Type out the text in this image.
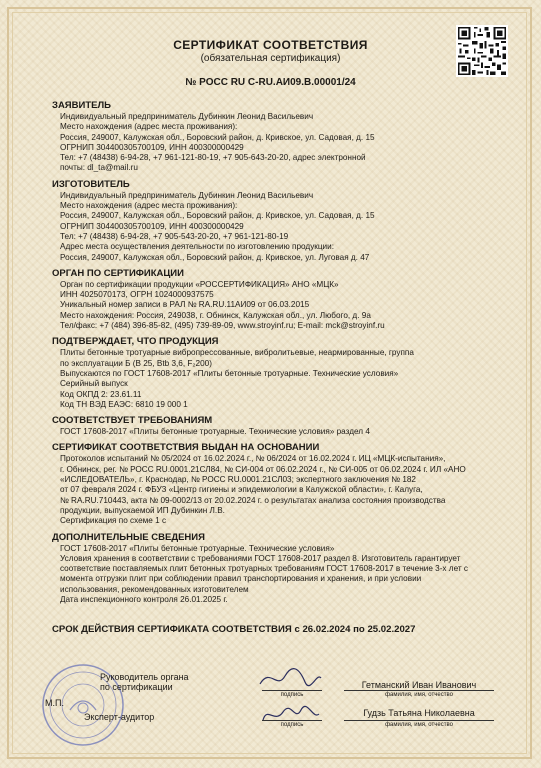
СЕРТИФИКАТ СООТВЕТСТВИЯ
(обязательная сертификация)
№ РОСС RU C-RU.АИ09.В.00001/24
ЗАЯВИТЕЛЬ
Индивидуальный предприниматель Дубинкин Леонид Васильевич
Место нахождения (адрес места проживания):
Россия, 249007, Калужская обл., Боровский район, д. Кривское, ул. Садовая, д. 15
ОГРНИП 304400305700109, ИНН 400300000429
Тел: +7 (48438) 6-94-28, +7 961-121-80-19, +7 905-643-20-20, адрес электронной
почты: dl_ta@mail.ru
ИЗГОТОВИТЕЛЬ
Индивидуальный предприниматель Дубинкин Леонид Васильевич
Место нахождения (адрес места проживания):
Россия, 249007, Калужская обл., Боровский район, д. Кривское, ул. Садовая, д. 15
ОГРНИП 304400305700109, ИНН 400300000429
Тел: +7 (48438) 6-94-28, +7 905-543-20-20, +7 961-121-80-19
Адрес места осуществления деятельности по изготовлению продукции:
Россия, 249007, Калужская обл., Боровский район, д. Кривское, ул. Луговая д. 47
ОРГАН ПО СЕРТИФИКАЦИИ
Орган по сертификации продукции «РОССЕРТИФИКАЦИЯ» АНО «МЦК»
ИНН 4025070173, ОГРН 1024000937575
Уникальный номер записи в РАЛ № RA.RU.11АИ09 от 06.03.2015
Место нахождения: Россия, 249038, г. Обнинск, Калужская обл., ул. Любого, д. 9а
Тел/факс: +7 (484) 396-85-82, (495) 739-89-09, www.stroyinf.ru; E-mail: mck@stroyinf.ru
ПОДТВЕРЖДАЕТ, ЧТО ПРОДУКЦИЯ
Плиты бетонные тротуарные вибропрессованные, вибролитьевые, неармированные, группа
по эксплуатации Б (В 25, Btb 3,6, F₂200)
Выпускаются по ГОСТ 17608-2017 «Плиты бетонные тротуарные. Технические условия»
Серийный выпуск
Код ОКПД 2: 23.61.11
Код ТН ВЭД ЕАЭС: 6810 19 000 1
СООТВЕТСТВУЕТ ТРЕБОВАНИЯМ
ГОСТ 17608-2017 «Плиты бетонные тротуарные. Технические условия» раздел 4
СЕРТИФИКАТ СООТВЕТСТВИЯ ВЫДАН НА ОСНОВАНИИ
Протоколов испытаний № 05/2024 от 16.02.2024 г., № 06/2024 от 16.02.2024 г. ИЦ «МЦК-испытания»,
г. Обнинск, рег. № РОСС RU.0001.21СЛ84, № СИ-004 от 06.02.2024 г., № СИ-005 от 06.02.2024 г. ИЛ «АНО
«ИСЛЕДОВАТЕЛЬ», г. Краснодар, № РОСС RU.0001.21СЛ03; экспертного заключения № 182
от 07 февраля 2024 г. ФБУЗ «Центр гигиены и эпидемиологии в Калужской области», г. Калуга,
№ RA.RU.710443, акта № 09-0002/13 от 20.02.2024 г. о результатах анализа состояния производства
продукции, выпускаемой ИП Дубинкин Л.В.
Сертификация по схеме 1 с
ДОПОЛНИТЕЛЬНЫЕ СВЕДЕНИЯ
ГОСТ 17608-2017 «Плиты бетонные тротуарные. Технические условия»
Условия хранения в соответствии с требованиями ГОСТ 17608-2017 раздел 8. Изготовитель гарантирует
соответствие поставляемых плит бетонных тротуарных требованиям ГОСТ 17608-2017 в течение 3-х лет с
момента отгрузки плит при соблюдении правил транспортирования и хранения, и при условии
использования, рекомендованных изготовителем
Дата инспекционного контроля 26.01.2025 г.
СРОК ДЕЙСТВИЯ СЕРТИФИКАТА СООТВЕТСТВИЯ с 26.02.2024 по 25.02.2027
М.П.
Руководитель органа
по сертификации
Эксперт-аудитор
подпись
Гетманский Иван Иванович
фамилия, имя, отчество
подпись
Гудзь Татьяна Николаевна
фамилия, имя, отчество
